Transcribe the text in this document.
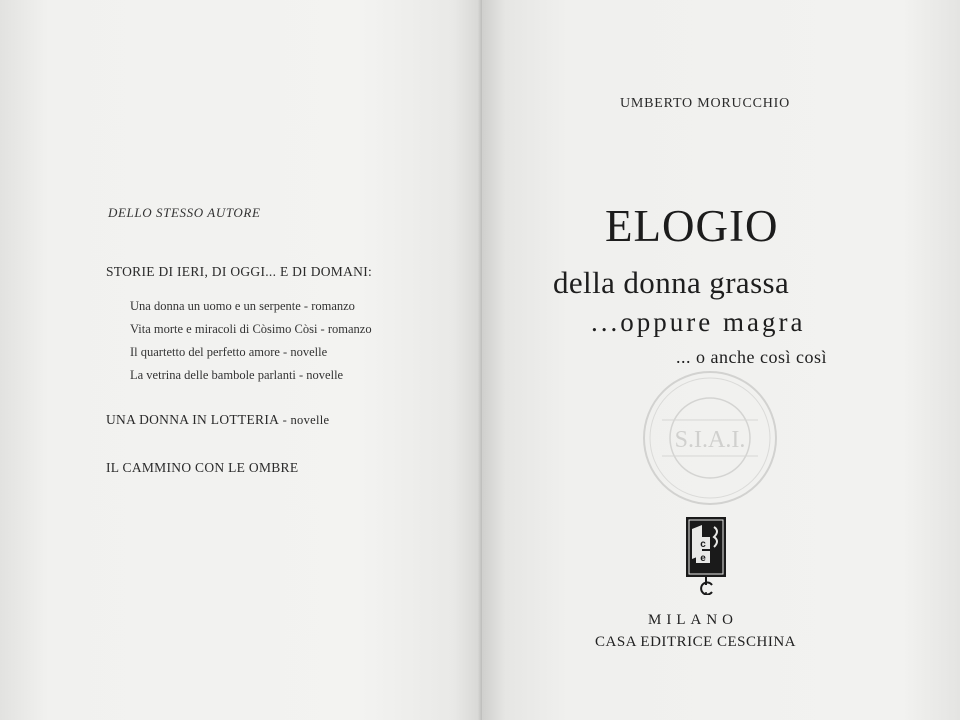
DELLO STESSO AUTORE
STORIE DI IERI, DI OGGI... E DI DOMANI:
Una donna un uomo e un serpente - romanzo
Vita morte e miracoli di Còsimo Còsi - romanzo
Il quartetto del perfetto amore - novelle
La vetrina delle bambole parlanti - novelle
UNA DONNA IN LOTTERIA - novelle
IL CAMMINO CON LE OMBRE
UMBERTO MORUCCHIO
ELOGIO
della donna grassa
...oppure magra
... o anche così così
S.I.A.I.
c
e
MILANO
CASA EDITRICE CESCHINA
